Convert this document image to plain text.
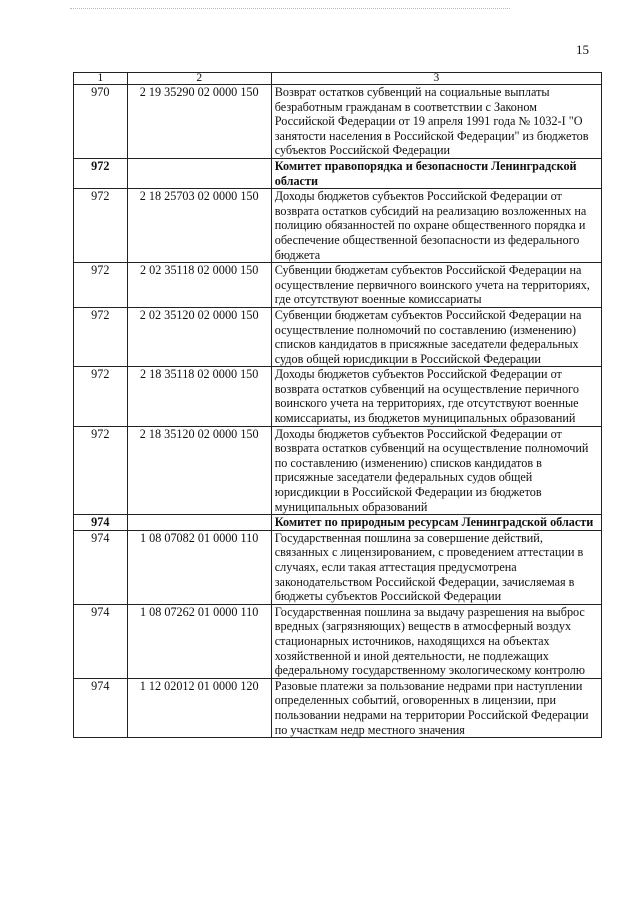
15
1	2	3
970	2 19 35290 02 0000 150	Возврат остатков субвенций на социальные выплаты безработным гражданам в соответствии с Законом Российской Федерации от 19 апреля 1991 года № 1032-I "О занятости населения в Российской Федерации" из бюджетов субъектов Российской Федерации
972		Комитет правопорядка и безопасности Ленинградской области
972	2 18 25703 02 0000 150	Доходы бюджетов субъектов Российской Федерации от возврата остатков субсидий на реализацию возложенных на полицию обязанностей по охране общественного порядка и обеспечение общественной безопасности из федерального бюджета
972	2 02 35118 02 0000 150	Субвенции бюджетам субъектов Российской Федерации на осуществление первичного воинского учета на территориях, где отсутствуют военные комиссариаты
972	2 02 35120 02 0000 150	Субвенции бюджетам субъектов Российской Федерации на осуществление полномочий по составлению (изменению) списков кандидатов в присяжные заседатели федеральных судов общей юрисдикции в Российской Федерации
972	2 18 35118 02 0000 150	Доходы бюджетов субъектов Российской Федерации от возврата остатков субвенций на осуществление перичного воинского учета на территориях, где отсутствуют военные комиссариаты, из бюджетов муниципальных образований
972	2 18 35120 02 0000 150	Доходы бюджетов субъектов Российской Федерации от возврата остатков субвенций на осуществление полномочий по составлению (изменению) списков кандидатов в присяжные заседатели федеральных судов общей юрисдикции в Российской Федерации из бюджетов муниципальных образований
974		Комитет по природным ресурсам Ленинградской области
974	1 08 07082 01 0000 110	Государственная пошлина за совершение действий, связанных с лицензированием, с проведением аттестации в случаях, если такая аттестация предусмотрена законодательством Российской Федерации, зачисляемая в бюджеты субъектов Российской Федерации
974	1 08 07262 01 0000 110	Государственная пошлина за выдачу разрешения на выброс вредных (загрязняющих) веществ в атмосферный воздух стационарных источников, находящихся на объектах хозяйственной и иной деятельности, не подлежащих федеральному государственному экологическому контролю
974	1 12 02012 01 0000 120	Разовые платежи за пользование недрами при наступлении определенных событий, оговоренных в лицензии, при пользовании недрами на территории Российской Федерации по участкам недр местного значения
